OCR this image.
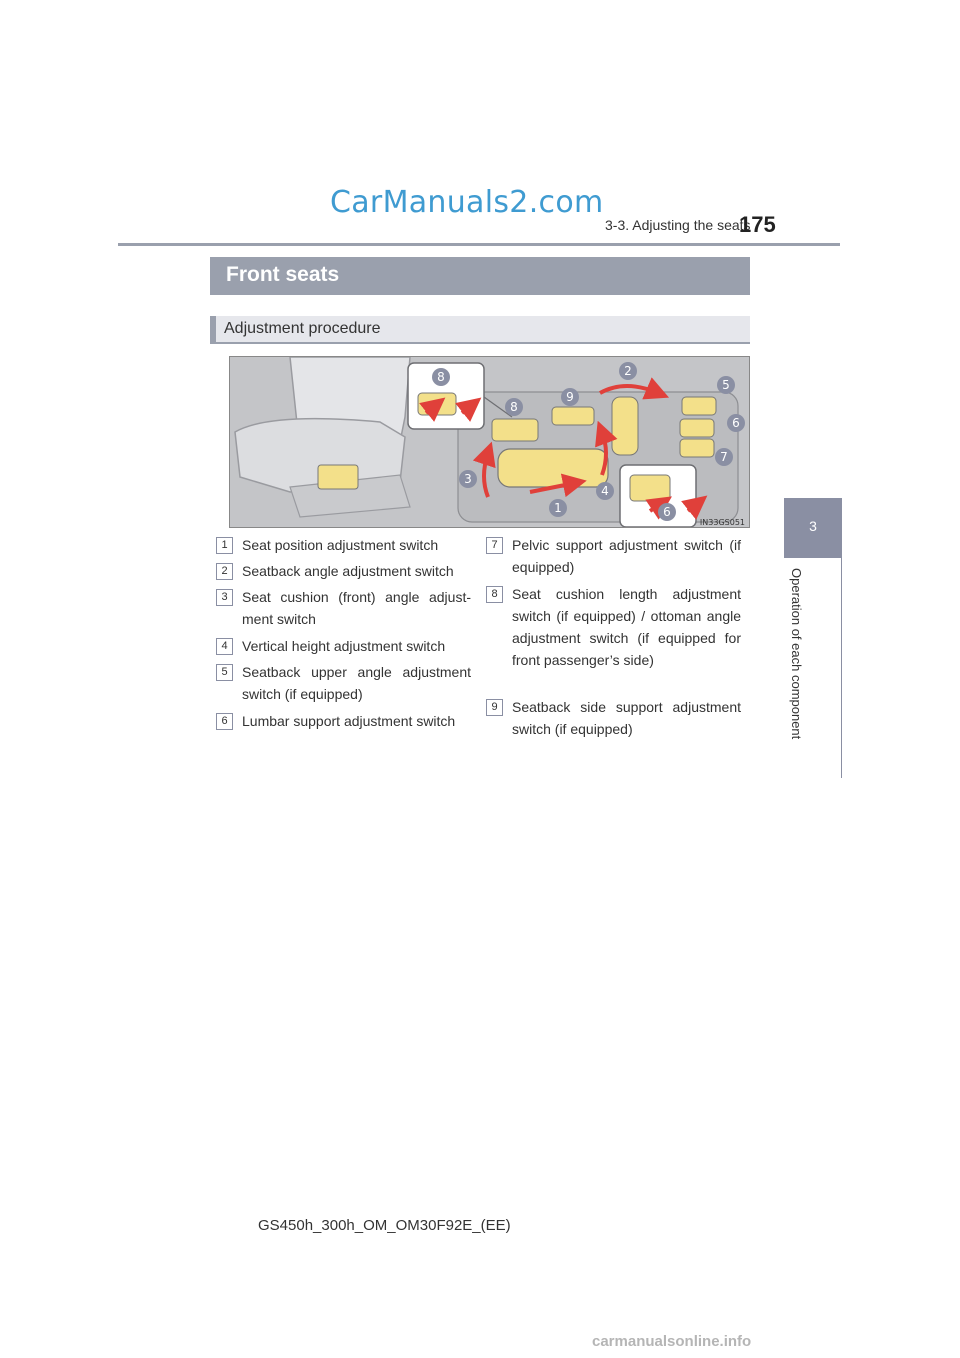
CarManuals2.com
3-3. Adjusting the seats
175
3
Operation of each component
Front seats
Adjustment procedure
8	2
9
8
5
6
7
3
4
1	6
IN33GS051
1	Seat position adjustment switch
2	Seatback angle adjustment switch
3	Seat cushion (front) angle adjust-ment switch
4	Vertical height adjustment switch
5	Seatback upper angle adjustment switch (if equipped)
6	Lumbar support adjustment switch
7	Pelvic support adjustment switch (if equipped)
8	Seat cushion length adjustment switch (if equipped) / ottoman angle adjustment switch (if equipped for front passenger’s side)
9	Seatback side support adjustment switch (if equipped)
GS450h_300h_OM_OM30F92E_(EE)
carmanualsonline.info
